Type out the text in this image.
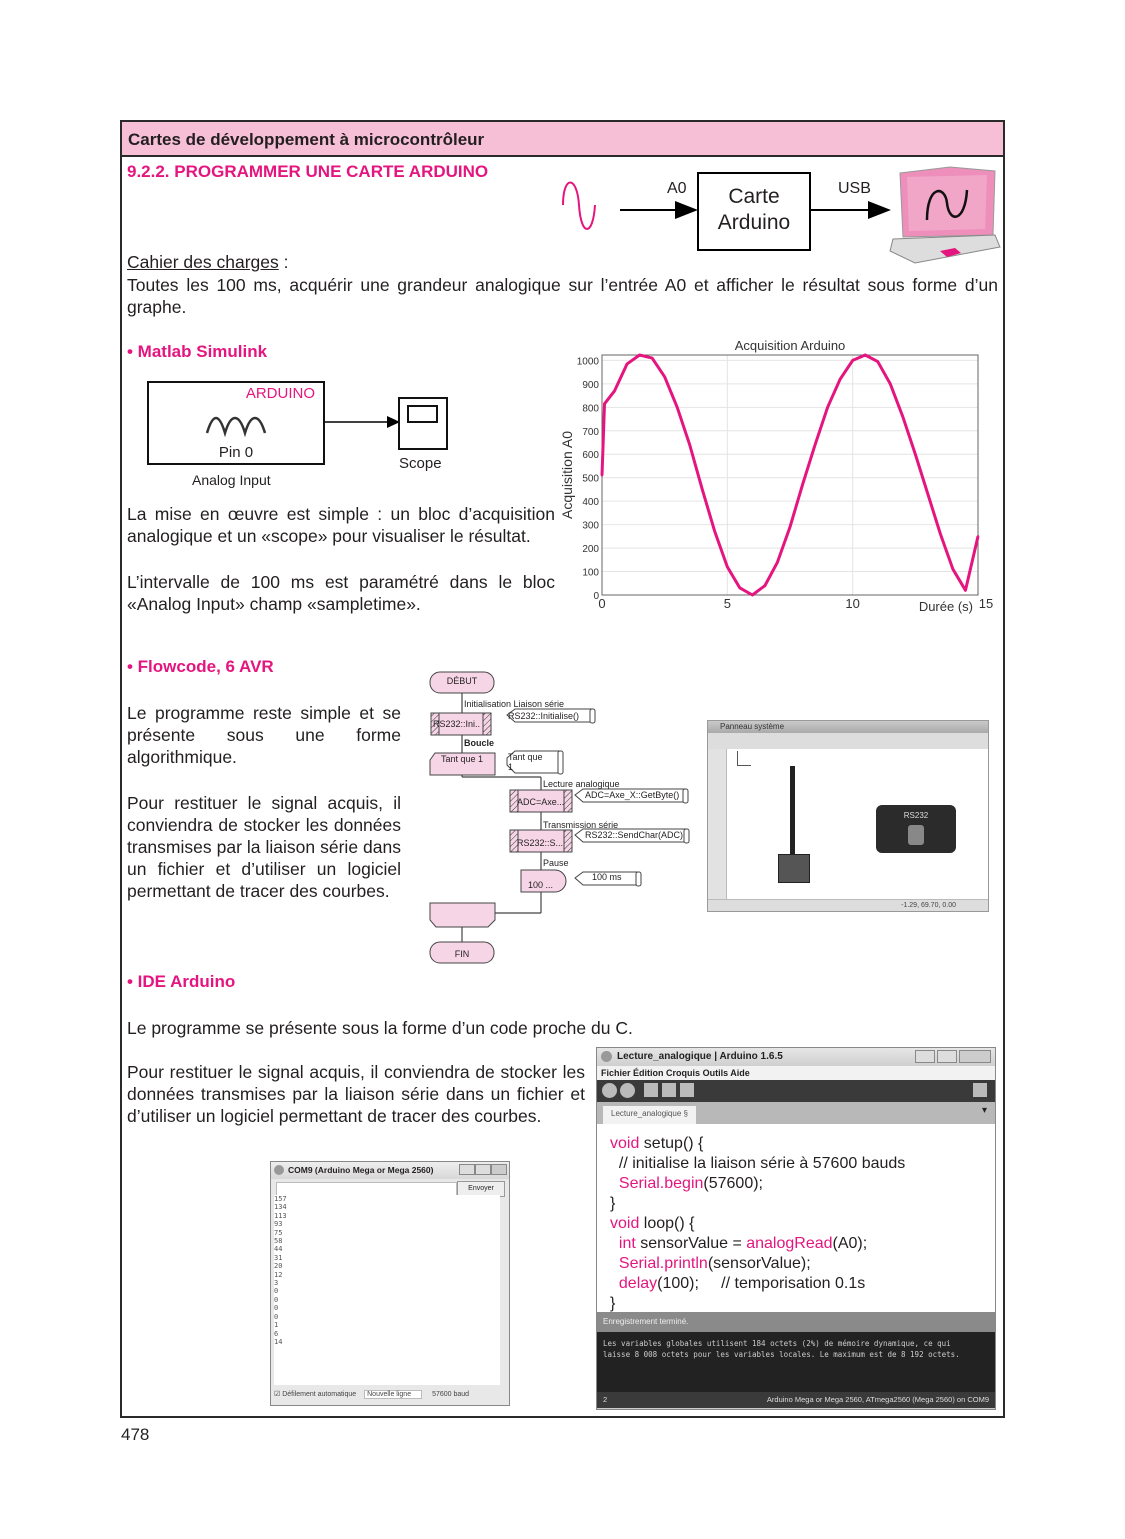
Cartes de développement à microcontrôleur
9.2.2. PROGRAMMER UNE CARTE ARDUINO
A0	Carte
Arduino
USB
Cahier des charges :
Toutes les 100 ms, acquérir une grandeur analogique sur l’entrée A0 et afficher le résultat sous forme d’un graphe.
• Matlab Simulink
ARDUINO
Pin 0
Analog Input
Scope
La mise en œuvre est simple : un bloc d’acquisition analogique et un «scope» pour visualiser le résultat.
L’intervalle de 100 ms est paramétré dans le bloc «Analog Input» champ «sampletime».	0
100
200
300
400
500
600
700
800
900
1000
0	5	10	15
Acquisition Arduino
Durée (s)
Acquisition A0
• Flowcode, 6 AVR
Le programme reste simple et se présente sous une forme algorithmique.
Pour restituer le signal acquis, il conviendra de stocker les données transmises par la liaison série dans un fichier et d’utiliser un logiciel permettant de tracer des courbes.
DÉBUT
Initialisation Liaison série
RS232::Ini..
RS232::Initialise()
Boucle
Tant que 1	Tant que 1
Lecture analogique
ADC=Axe...
ADC=Axe_X::GetByte()
Transmission série
RS232::S...
RS232::SendChar(ADC)
Pause
100 ...
100 ms
FIN
Panneau système
RS232
-1.29, 69.70, 0.00
• IDE Arduino
Le programme se présente sous la forme d’un code proche du C.
Pour restituer le signal acquis, il conviendra de stocker les données transmises par la liaison série dans un fichier et d’utiliser un logiciel permettant de tracer des courbes.
Lecture_analogique | Arduino 1.6.5
Fichier Édition Croquis Outils Aide
Lecture_analogique §	▾
void setup() {
// initialise la liaison série à 57600 bauds
Serial.begin(57600);
}
void loop() {
int sensorValue = analogRead(A0);
Serial.println(sensorValue);
delay(100);     // temporisation 0.1s
}
Enregistrement terminé.
Les variables globales utilisent 184 octets (2%) de mémoire dynamique, ce qui laisse 8 008 octets pour les variables locales. Le maximum est de 8 192 octets.
2	Arduino Mega or Mega 2560, ATmega2560 (Mega 2560) on COM9
COM9 (Arduino Mega or Mega 2560)
Envoyer
157
134
113
93
75
58
44
31
20
12
3
0
0
0
0
1
6
14
☑ Défilement automatique Nouvelle ligne	57600 baud
478
